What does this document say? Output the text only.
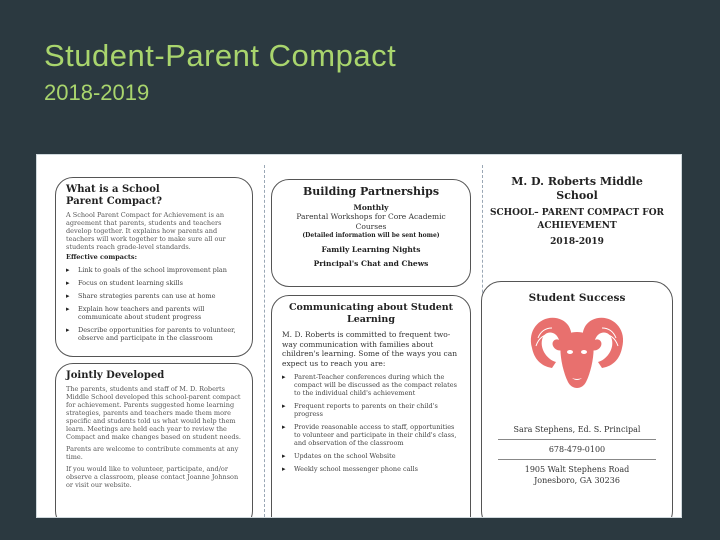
Student-Parent Compact
2018-2019
What is a School Parent Compact?
A School Parent Compact for Achievement is an agreement that parents, students and teachers develop together. It explains how parents and teachers will work together to make sure all our students reach grade-level standards.
Effective compacts:
▸ Link to goals of the school improvement plan
▸ Focus on student learning skills
▸ Share strategies parents can use at home
▸ Explain how teachers and parents will communicate about student progress
▸ Describe opportunities for parents to volunteer, observe and participate in the classroom
Jointly Developed
The parents, students and staff of M. D. Roberts Middle School developed this school-parent compact for achievement. Parents suggested home learning strategies, parents and teachers made them more specific and students told us what would help them learn. Meetings are held each year to review the Compact and make changes based on student needs.
Parents are welcome to contribute comments at any time.
If you would like to volunteer, participate, and/or observe a classroom, please contact Joanne Johnson or visit our website.
Building Partnerships
Monthly
Parental Workshops for Core Academic Courses
(Detailed information will be sent home)
Family Learning Nights
Principal's Chat and Chews
Communicating about Student Learning
M. D. Roberts is committed to frequent two-way communication with families about children's learning. Some of the ways you can expect us to reach you are:
▸ Parent-Teacher conferences during which the compact will be discussed as the compact relates to the individual child's achievement
▸ Frequent reports to parents on their child's progress
▸ Provide reasonable access to staff, opportunities to volunteer and participate in their child's class, and observation of the classroom
▸ Updates on the school Website
▸ Weekly school messenger phone calls
M. D. Roberts Middle School
SCHOOL– PARENT COMPACT FOR ACHIEVEMENT
2018-2019
Student Success
Sara Stephens, Ed. S. Principal
678-479-0100
1905 Walt Stephens Road
Jonesboro, GA 30236
